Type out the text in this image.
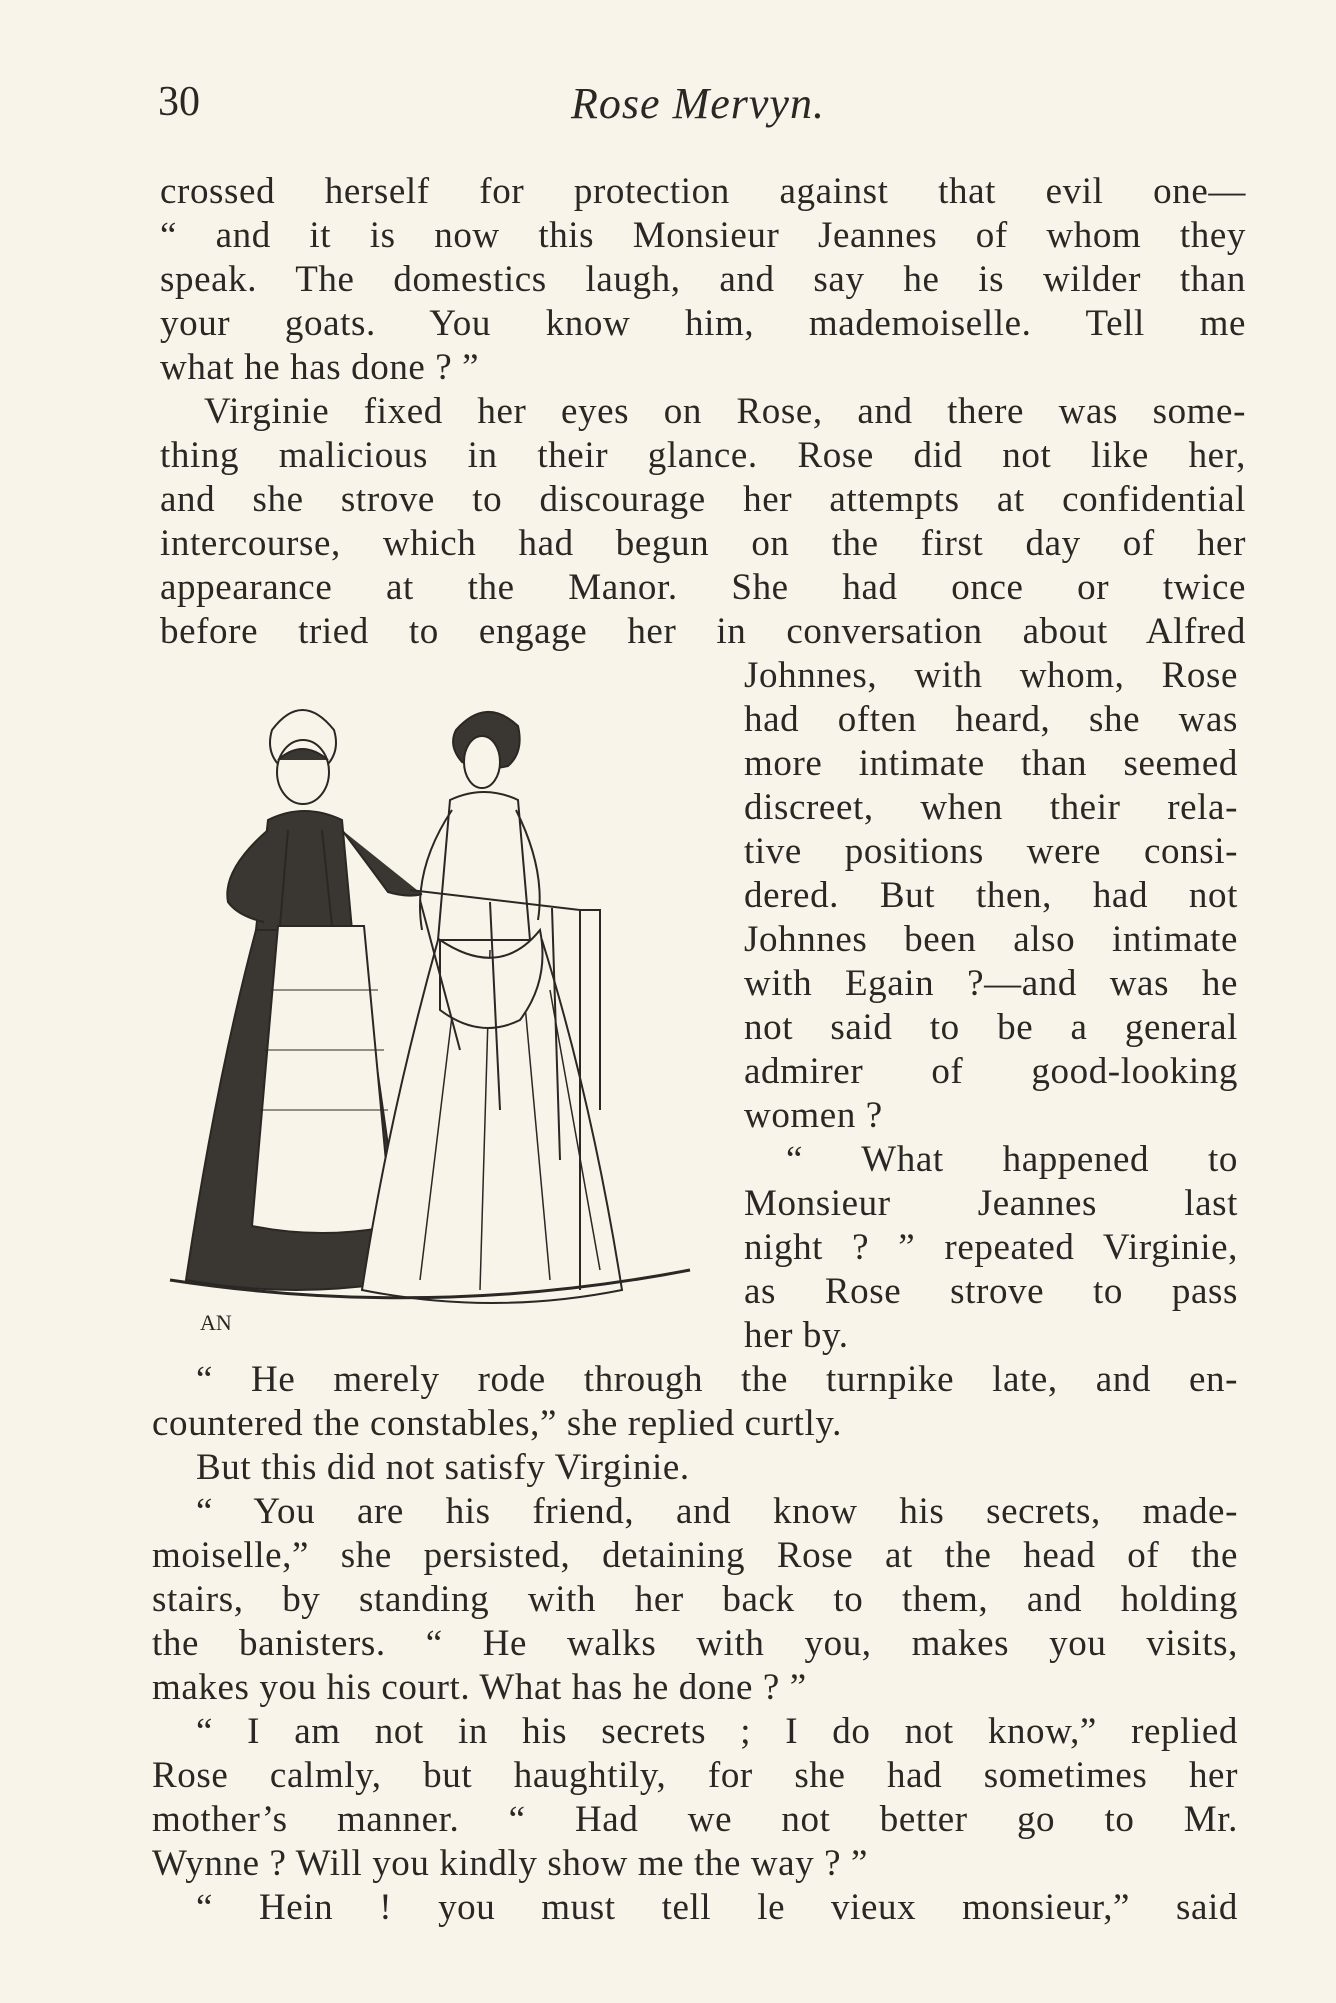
30	Rose Mervyn.
crossed herself for protection against that evil one—
“ and it is now this Monsieur Jeannes of whom they
speak. The domestics laugh, and say he is wilder than
your goats. You know him, mademoiselle. Tell me
what he has done ? ”
Virginie fixed her eyes on Rose, and there was some-
thing malicious in their glance. Rose did not like her,
and she strove to discourage her attempts at confidential
intercourse, which had begun on the first day of her
appearance at the Manor. She had once or twice
before tried to engage her in conversation about Alfred
Johnnes, with whom, Rose
had often heard, she was
more intimate than seemed
discreet, when their rela-
tive positions were consi-
dered. But then, had not
Johnnes been also intimate
with Egain ?—and was he
not said to be a general
admirer of good-looking
women ?
“ What happened to
Monsieur Jeannes last
night ? ” repeated Virginie,
as Rose strove to pass
her by.
“ He merely rode through the turnpike late, and en-
countered the constables,” she replied curtly.
But this did not satisfy Virginie.
“ You are his friend, and know his secrets, made-
moiselle,” she persisted, detaining Rose at the head of the
stairs, by standing with her back to them, and holding
the banisters. “ He walks with you, makes you visits,
makes you his court. What has he done ? ”
“ I am not in his secrets ; I do not know,” replied
Rose calmly, but haughtily, for she had sometimes her
mother’s manner. “ Had we not better go to Mr.
Wynne ? Will you kindly show me the way ? ”
“ Hein ! you must tell le vieux monsieur,” said
AN
